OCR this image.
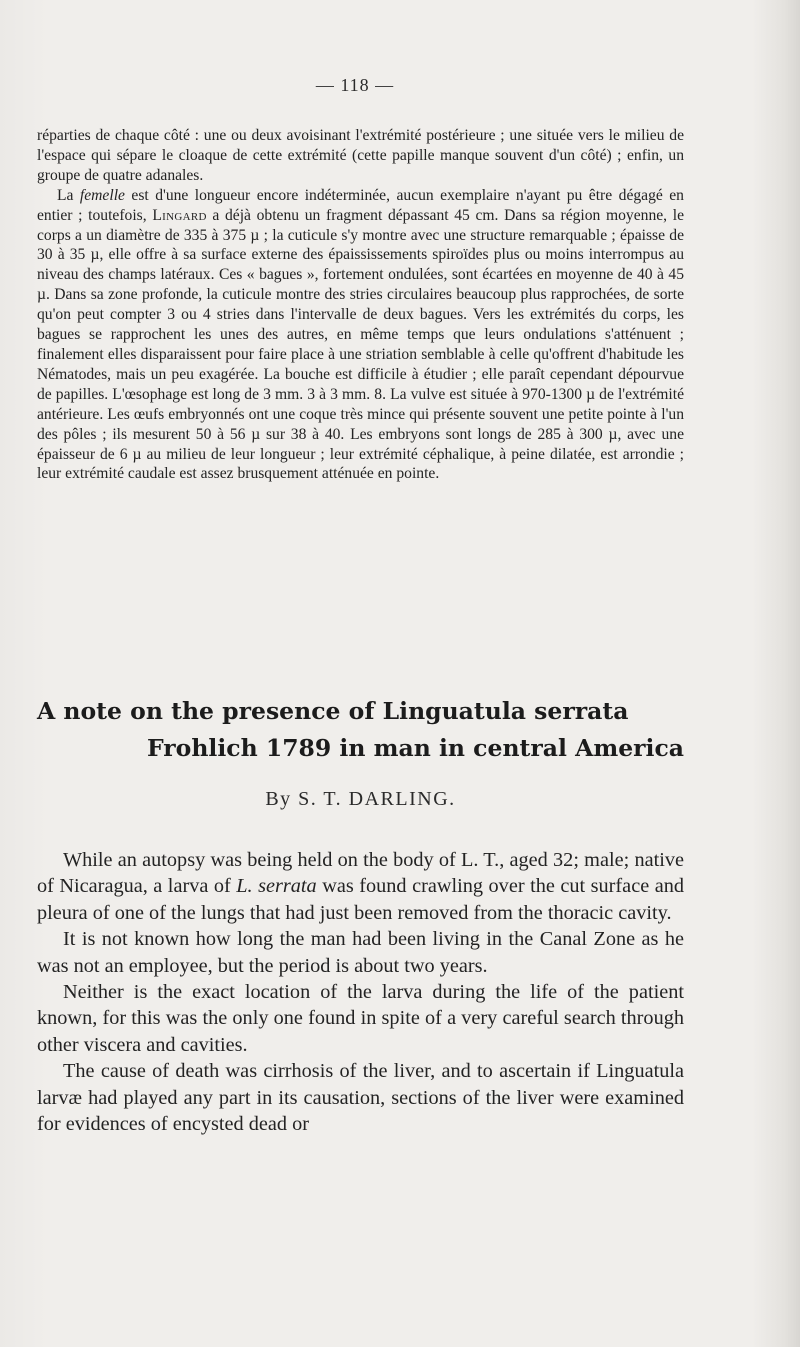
— 118 —

réparties de chaque côté : une ou deux avoisinant l'extrémité postérieure ; une située vers le milieu de l'espace qui sépare le cloaque de cette extrémité (cette papille manque souvent d'un côté) ; enfin, un groupe de quatre adanales.

La femelle est d'une longueur encore indéterminée, aucun exemplaire n'ayant pu être dégagé en entier ; toutefois, Lingard a déjà obtenu un fragment dépassant 45 cm. Dans sa région moyenne, le corps a un diamètre de 335 à 375 µ ; la cuticule s'y montre avec une structure remarquable ; épaisse de 30 à 35 µ, elle offre à sa surface externe des épaississements spiroïdes plus ou moins interrompus au niveau des champs latéraux. Ces « bagues », fortement ondulées, sont écartées en moyenne de 40 à 45 µ. Dans sa zone profonde, la cuticule montre des stries circulaires beaucoup plus rapprochées, de sorte qu'on peut compter 3 ou 4 stries dans l'intervalle de deux bagues. Vers les extrémités du corps, les bagues se rapprochent les unes des autres, en même temps que leurs ondulations s'atténuent ; finalement elles disparaissent pour faire place à une striation semblable à celle qu'offrent d'habitude les Nématodes, mais un peu exagérée. La bouche est difficile à étudier ; elle paraît cependant dépourvue de papilles. L'œsophage est long de 3 mm. 3 à 3 mm. 8. La vulve est située à 970-1300 µ de l'extrémité antérieure. Les œufs embryonnés ont une coque très mince qui présente souvent une petite pointe à l'un des pôles ; ils mesurent 50 à 56 µ sur 38 à 40. Les embryons sont longs de 285 à 300 µ, avec une épaisseur de 6 µ au milieu de leur longueur ; leur extrémité céphalique, à peine dilatée, est arrondie ; leur extrémité caudale est assez brusquement atténuée en pointe.

A note on the presence of Linguatula serrata
Frohlich 1789 in man in central America
By S. T. DARLING.

While an autopsy was being held on the body of L. T., aged 32; male; native of Nicaragua, a larva of L. serrata was found crawling over the cut surface and pleura of one of the lungs that had just been removed from the thoracic cavity.

It is not known how long the man had been living in the Canal Zone as he was not an employee, but the period is about two years.

Neither is the exact location of the larva during the life of the patient known, for this was the only one found in spite of a very careful search through other viscera and cavities.

The cause of death was cirrhosis of the liver, and to ascertain if Linguatula larvæ had played any part in its causation, sections of the liver were examined for evidences of encysted dead or
